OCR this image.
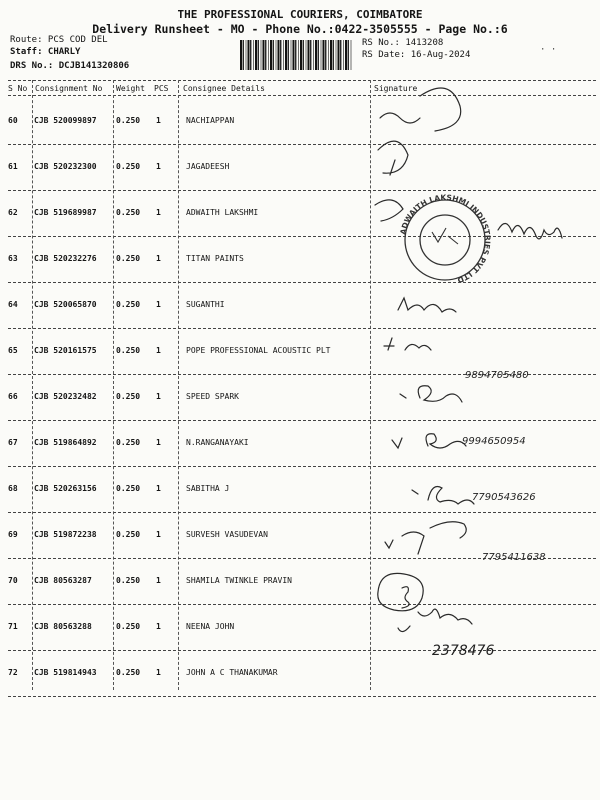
THE PROFESSIONAL COURIERS, COIMBATORE
Delivery Runsheet - MO - Phone No.:0422-3505555 - Page No.:6
Route: PCS COD DEL
Staff: CHARLY
DRS No.: DCJB141320806
RS No.: 1413208
RS Date: 16-Aug-2024	· ·
S No Consignment No Weight PCS Consignee Details	Signature
60 CJB 520099897 0.250 1	NACHIAPPAN
61 CJB 520232300 0.250 1	JAGADEESH
62 CJB 519689987 0.250 1	ADWAITH LAKSHMI
63 CJB 520232276 0.250 1	TITAN PAINTS
64 CJB 520065870 0.250 1	SUGANTHI
65 CJB 520161575 0.250 1	POPE PROFESSIONAL ACOUSTIC PLT
66 CJB 520232482 0.250 1	SPEED SPARK
67 CJB 519864892 0.250 1	N.RANGANAYAKI
68 CJB 520263156 0.250 1	SABITHA J
69 CJB 519872238 0.250 1	SURVESH VASUDEVAN
70 CJB 80563287	0.250 1	SHAMILA TWINKLE PRAVIN
71 CJB 80563288	0.250 1	NEENA JOHN
72 CJB 519814943 0.250 1	JOHN A C THANAKUMAR
ADWAITH LAKSHMI INDUSTRIES PVT LTD
9894705480
9994650954
7790543626
7795411638
2378476
